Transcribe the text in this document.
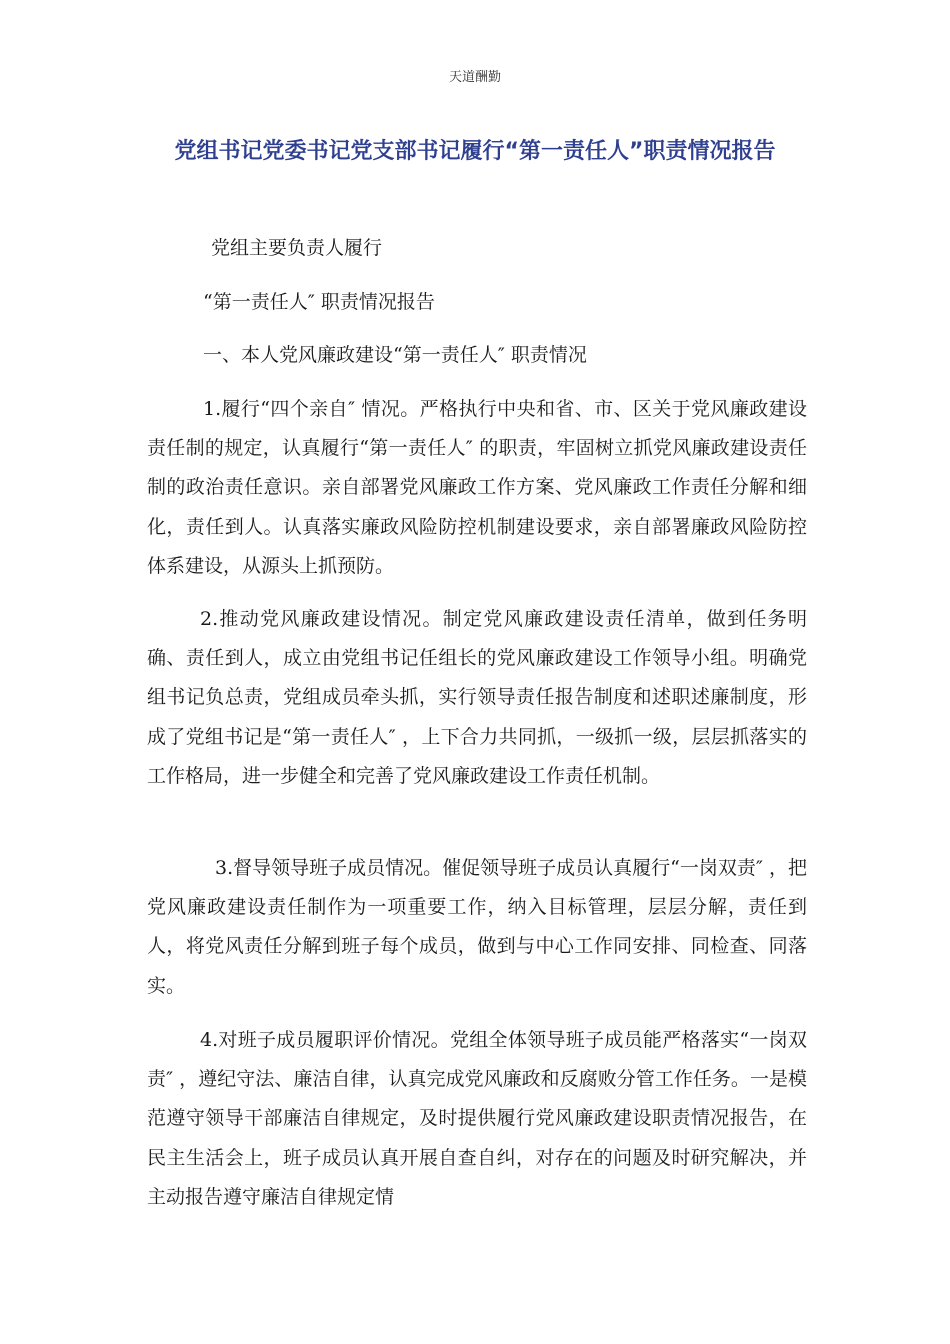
天道酬勤
党组书记党委书记党支部书记履行“第一责任人”职责情况报告
党组主要负责人履行
“第一责任人″ 职责情况报告
一、本人党风廉政建设“第一责任人″ 职责情况
1.履行“四个亲自″ 情况。严格执行中央和省、市、区关于党风廉政建设责任制的规定，认真履行“第一责任人″ 的职责，牢固树立抓党风廉政建设责任制的政治责任意识。亲自部署党风廉政工作方案、党风廉政工作责任分解和细化，责任到人。认真落实廉政风险防控机制建设要求，亲自部署廉政风险防控体系建设，从源头上抓预防。
2.推动党风廉政建设情况。制定党风廉政建设责任清单，做到任务明确、责任到人，成立由党组书记任组长的党风廉政建设工作领导小组。明确党组书记负总责，党组成员牵头抓，实行领导责任报告制度和述职述廉制度，形成了党组书记是“第一责任人″ ，上下合力共同抓，一级抓一级，层层抓落实的工作格局，进一步健全和完善了党风廉政建设工作责任机制。
3.督导领导班子成员情况。催促领导班子成员认真履行“一岗双责″ ，把党风廉政建设责任制作为一项重要工作，纳入目标管理，层层分解，责任到人，将党风责任分解到班子每个成员，做到与中心工作同安排、同检查、同落实。
4.对班子成员履职评价情况。党组全体领导班子成员能严格落实“一岗双责″ ，遵纪守法、廉洁自律，认真完成党风廉政和反腐败分管工作任务。一是模范遵守领导干部廉洁自律规定，及时提供履行党风廉政建设职责情况报告，在民主生活会上，班子成员认真开展自查自纠，对存在的问题及时研究解决，并主动报告遵守廉洁自律规定情
